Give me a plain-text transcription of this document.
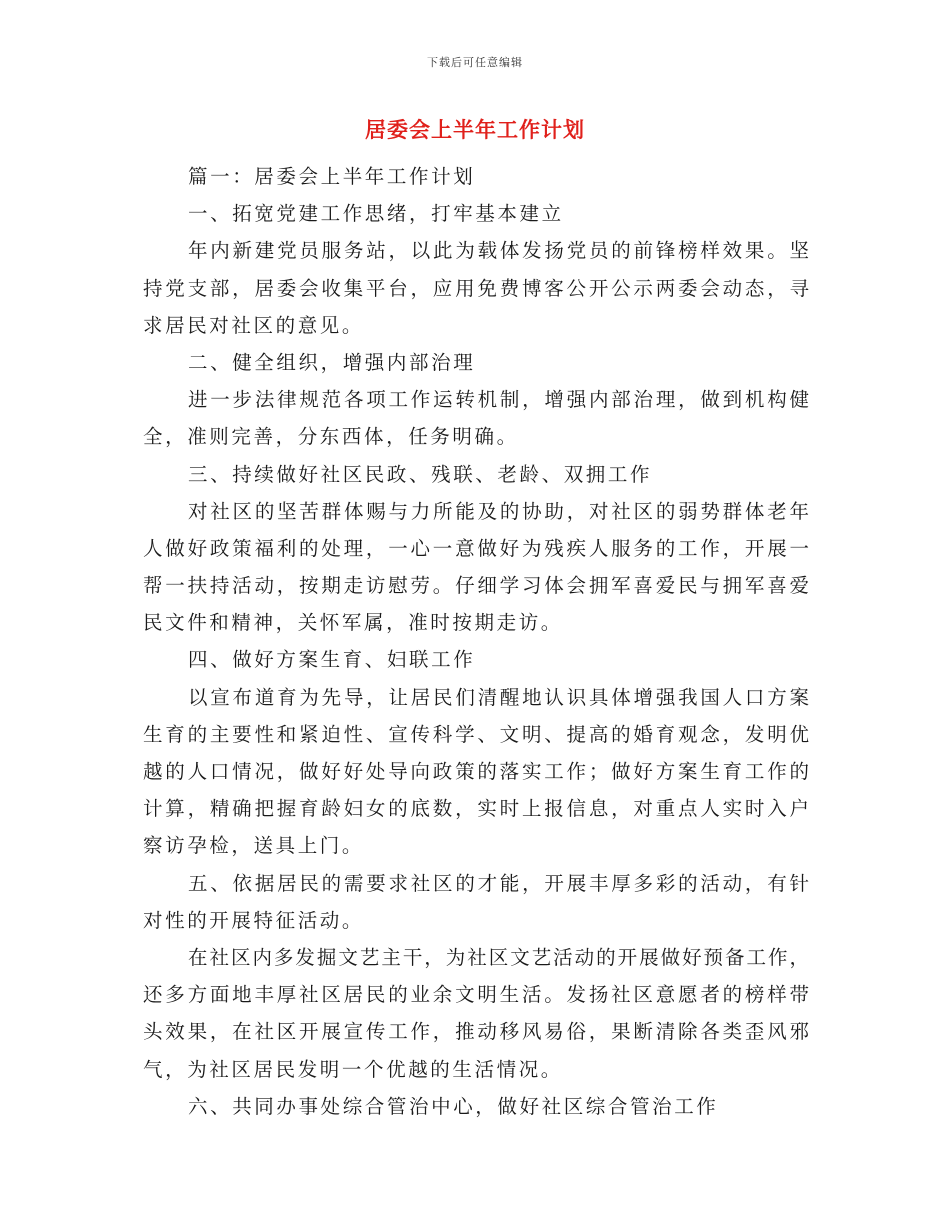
下载后可任意编辑
居委会上半年工作计划
篇一：居委会上半年工作计划
一、拓宽党建工作思绪，打牢基本建立
年内新建党员服务站，以此为载体发扬党员的前锋榜样效果。坚
持党支部，居委会收集平台，应用免费博客公开公示两委会动态，寻
求居民对社区的意见。
二、健全组织，增强内部治理
进一步法律规范各项工作运转机制，增强内部治理，做到机构健
全，准则完善，分东西体，任务明确。
三、持续做好社区民政、残联、老龄、双拥工作
对社区的坚苦群体赐与力所能及的协助，对社区的弱势群体老年
人做好政策福利的处理，一心一意做好为残疾人服务的工作，开展一
帮一扶持活动，按期走访慰劳。仔细学习体会拥军喜爱民与拥军喜爱
民文件和精神，关怀军属，准时按期走访。
四、做好方案生育、妇联工作
以宣布道育为先导，让居民们清醒地认识具体增强我国人口方案
生育的主要性和紧迫性、宣传科学、文明、提高的婚育观念，发明优
越的人口情况，做好好处导向政策的落实工作；做好方案生育工作的
计算，精确把握育龄妇女的底数，实时上报信息，对重点人实时入户
察访孕检，送具上门。
五、依据居民的需要求社区的才能，开展丰厚多彩的活动，有针
对性的开展特征活动。
在社区内多发掘文艺主干，为社区文艺活动的开展做好预备工作，
还多方面地丰厚社区居民的业余文明生活。发扬社区意愿者的榜样带
头效果，在社区开展宣传工作，推动移风易俗，果断清除各类歪风邪
气，为社区居民发明一个优越的生活情况。
六、共同办事处综合管治中心，做好社区综合管治工作
